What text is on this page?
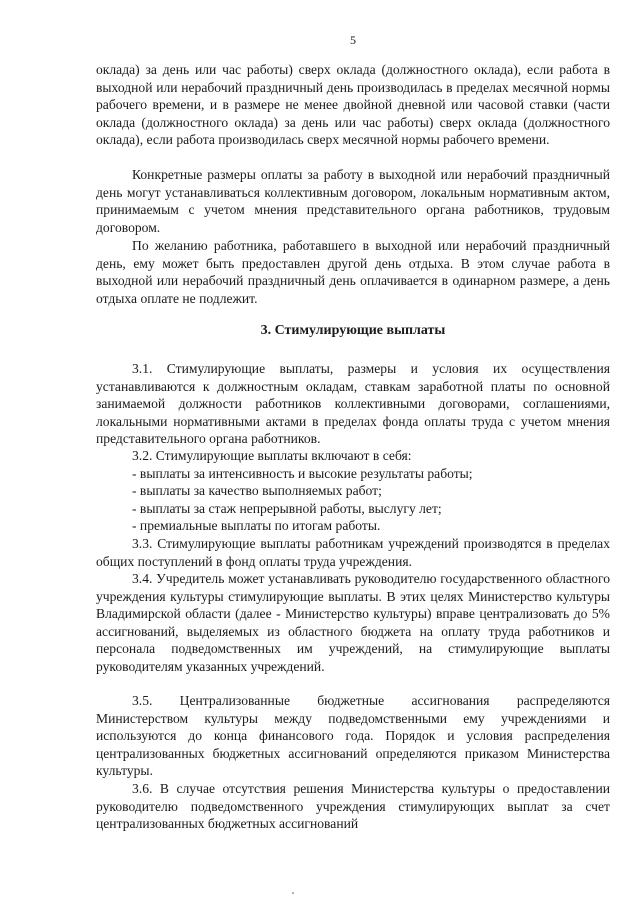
5

оклада) за день или час работы) сверх оклада (должностного оклада), если работа в выходной или нерабочий праздничный день производилась в пределах месячной нормы рабочего времени, и в размере не менее двойной дневной или часовой ставки (части оклада (должностного оклада) за день или час работы) сверх оклада (должностного оклада), если работа производилась сверх месячной нормы рабочего времени.

Конкретные размеры оплаты за работу в выходной или нерабочий праздничный день могут устанавливаться коллективным договором, локальным нормативным актом, принимаемым с учетом мнения представительного органа работников, трудовым договором.

По желанию работника, работавшего в выходной или нерабочий праздничный день, ему может быть предоставлен другой день отдыха. В этом случае работа в выходной или нерабочий праздничный день оплачивается в одинарном размере, а день отдыха оплате не подлежит.

3. Стимулирующие выплаты

3.1. Стимулирующие выплаты, размеры и условия их осуществления устанавливаются к должностным окладам, ставкам заработной платы по основной занимаемой должности работников коллективными договорами, соглашениями, локальными нормативными актами в пределах фонда оплаты труда с учетом мнения представительного органа работников.

3.2. Стимулирующие выплаты включают в себя:

- выплаты за интенсивность и высокие результаты работы;

- выплаты за качество выполняемых работ;

- выплаты за стаж непрерывной работы, выслугу лет;

- премиальные выплаты по итогам работы.

3.3. Стимулирующие выплаты работникам учреждений производятся в пределах общих поступлений в фонд оплаты труда учреждения.

3.4. Учредитель может устанавливать руководителю государственного областного учреждения культуры стимулирующие выплаты. В этих целях Министерство культуры Владимирской области (далее - Министерство культуры) вправе централизовать до 5% ассигнований, выделяемых из областного бюджета на оплату труда работников и персонала подведомственных им учреждений, на стимулирующие выплаты руководителям указанных учреждений.

3.5. Централизованные бюджетные ассигнования распределяются Министерством культуры между подведомственными ему учреждениями и используются до конца финансового года. Порядок и условия распределения централизованных бюджетных ассигнований определяются приказом Министерства культуры.

3.6. В случае отсутствия решения Министерства культуры о предоставлении руководителю подведомственного учреждения стимулирующих выплат за счет централизованных бюджетных ассигнований
